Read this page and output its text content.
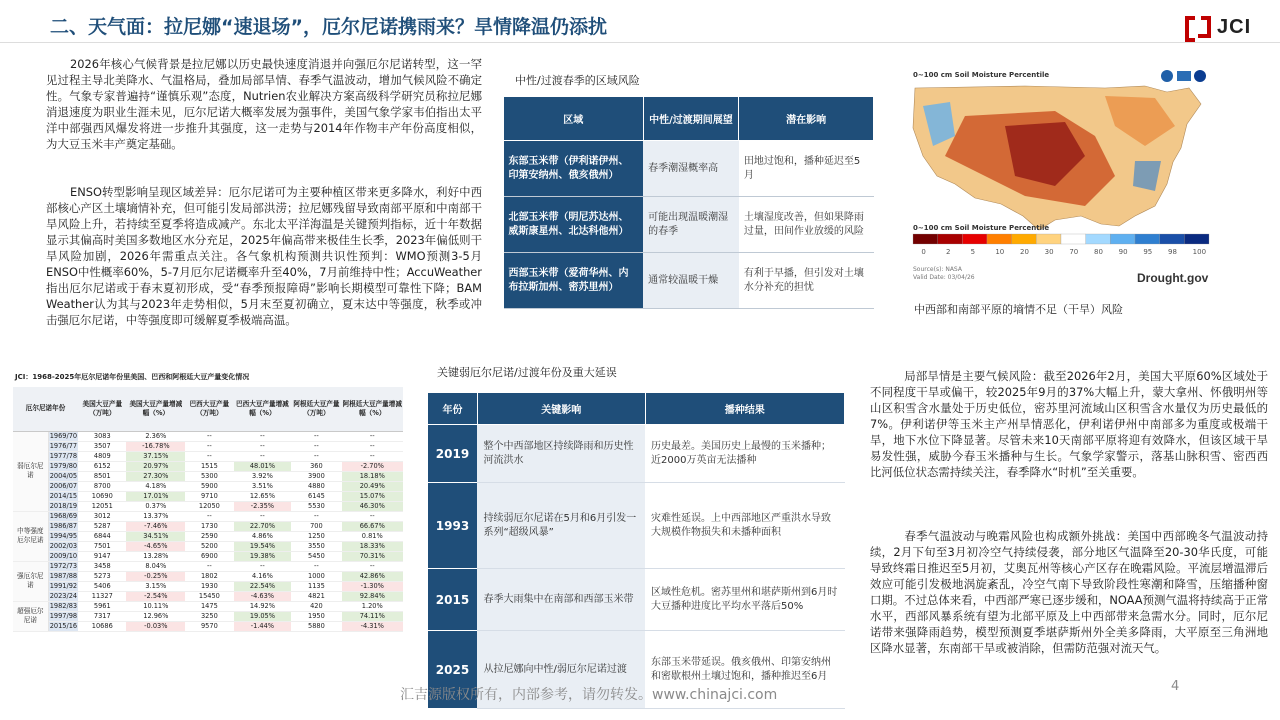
二、天气面：拉尼娜“速退场”，厄尔尼诺携雨来？旱情降温仍添扰	JCI
2026年核心气候背景是拉尼娜以历史最快速度消退并向强厄尔尼诺转型，这一罕见过程主导北美降水、气温格局，叠加局部旱情、春季气温波动，增加气候风险不确定性。气象专家普遍持“谨慎乐观”态度，Nutrien农业解决方案高级科学研究员称拉尼娜消退速度为职业生涯未见，厄尔尼诺大概率发展为强事件，美国气象学家韦伯指出太平洋中部强西风爆发将进一步推升其强度，这一走势与2014年作物丰产年份高度相似，为大豆玉米丰产奠定基础。
ENSO转型影响呈现区域差异：厄尔尼诺可为主要种植区带来更多降水，利好中西部核心产区土壤墒情补充，但可能引发局部洪涝；拉尼娜残留导致南部平原和中南部干旱风险上升，若持续至夏季将造成减产。东北太平洋海温是关键预判指标，近十年数据显示其偏高时美国多数地区水分充足，2025年偏高带来极佳生长季，2023年偏低则干旱风险加剧，2026年需重点关注。各气象机构预测共识性预判：WMO预测3-5月ENSO中性概率60%，5-7月厄尔尼诺概率升至40%，7月前维持中性；AccuWeather指出厄尔尼诺或于春末夏初形成，受“春季预报障碍”影响长期模型可靠性下降；BAM Weather认为其与2023年走势相似，5月末至夏初确立，夏末达中等强度，秋季或冲击强厄尔尼诺，中等强度即可缓解夏季极端高温。
中性/过渡春季的区域风险
区域	中性/过渡期间展望	潜在影响
东部玉米带（伊利诺伊州、印第安纳州、俄亥俄州）	春季潮湿概率高	田地过饱和，播种延迟至5月
北部玉米带（明尼苏达州、威斯康星州、北达科他州）	可能出现温暖潮湿的春季	土壤湿度改善，但如果降雨过量，田间作业放缓的风险
西部玉米带（爱荷华州、内布拉斯加州、密苏里州）	通常较温暖干燥	有利于早播，但引发对土壤水分补充的担忧
0~100 cm Soil Moisture Percentile
0~100 cm Soil Moisture Percentile
0	2	5	10 20 30 70 80 90 95 98 100
Source(s): NASA
Valid Date: 03/04/26	Drought.gov
中西部和南部平原的墒情不足（干旱）风险
JCI：1968-2025年厄尔尼诺年份里美国、巴西和阿根廷大豆产量变化情况
厄尔尼诺年份		美国大豆产量（万吨）	美国大豆产量增减幅（%）	巴西大豆产量（万吨）	巴西大豆产量增减幅（%）	阿根廷大豆产量（万吨）	阿根廷大豆产量增减幅（%）
弱厄尔尼诺	1969/70	3083	2.36%	--	--	--	--
	1976/77	3507	-16.78%	--	--	--	--
	1977/78	4809	37.15%	--	--	--	--
	1979/80	6152	20.97%	1515	48.01%	360	-2.70%
	2004/05	8501	27.30%	5300	3.92%	3900	18.18%
	2006/07	8700	4.18%	5900	3.51%	4880	20.49%
	2014/15	10690	17.01%	9710	12.65%	6145	15.07%
	2018/19	12051	0.37%	12050	-2.35%	5530	46.30%
中等强度厄尔尼诺	1968/69	3012	13.37%	--	--	--	--
	1986/87	5287	-7.46%	1730	22.70%	700	66.67%
	1994/95	6844	34.51%	2590	4.86%	1250	0.81%
	2002/03	7501	-4.65%	5200	19.54%	3550	18.33%
	2009/10	9147	13.28%	6900	19.38%	5450	70.31%
强厄尔尼诺	1972/73	3458	8.04%	--	--	--	--
	1987/88	5273	-0.25%	1802	4.16%	1000	42.86%
	1991/92	5406	3.15%	1930	22.54%	1135	-1.30%
	2023/24	11327	-2.54%	15450	-4.63%	4821	92.84%
超强厄尔尼诺	1982/83	5961	10.11%	1475	14.92%	420	1.20%
	1997/98	7317	12.96%	3250	19.05%	1950	74.11%
	2015/16	10686	-0.03%	9570	-1.44%	5880	-4.31%
关键弱厄尔尼诺/过渡年份及重大延误
年份	关键影响	播种结果
2019	整个中西部地区持续降雨和历史性河流洪水	历史最差。美国历史上最慢的玉米播种；近2000万英亩无法播种
1993	持续弱厄尔尼诺在5月和6月引发一系列“超级风暴”	灾难性延误。上中西部地区严重洪水导致大规模作物损失和未播种面积
2015	春季大雨集中在南部和西部玉米带	区域性危机。密苏里州和堪萨斯州到6月时大豆播种进度比平均水平落后50%
2025	从拉尼娜向中性/弱厄尔尼诺过渡	东部玉米带延误。俄亥俄州、印第安纳州和密歇根州土壤过饱和，播种推迟至6月
局部旱情是主要气候风险：截至2026年2月，美国大平原60%区域处于不同程度干旱或偏干，较2025年9月的37%大幅上升，蒙大拿州、怀俄明州等山区积雪含水量处于历史低位，密苏里河流域山区积雪含水量仅为历史最低的7%。伊利诺伊等玉米主产州旱情恶化，伊利诺伊州中南部多为重度或极端干旱，地下水位下降显著。尽管未来10天南部平原将迎有效降水，但该区域干旱易发性强，威胁今春玉米播种与生长。气象学家警示，落基山脉积雪、密西西比河低位状态需持续关注，春季降水“时机”至关重要。
春季气温波动与晚霜风险也构成额外挑战：美国中西部晚冬气温波动持续，2月下旬至3月初冷空气持续侵袭，部分地区气温降至20-30华氏度，可能导致终霜日推迟至5月初，艾奥瓦州等核心产区存在晚霜风险。平流层增温滞后效应可能引发极地涡旋紊乱，冷空气南下导致阶段性寒潮和降雪，压缩播种窗口期。不过总体来看，中西部严寒已逐步缓和，NOAA预测气温将持续高于正常水平，西部风暴系统有望为北部平原及上中西部带来急需水分。同时，厄尔尼诺带来强降雨趋势，模型预测夏季堪萨斯州外全美多降雨，大平原至三角洲地区降水显著，东南部干旱或被消除，但需防范强对流天气。
汇吉源版权所有，内部参考，请勿转发。www.chinajci.com
4
